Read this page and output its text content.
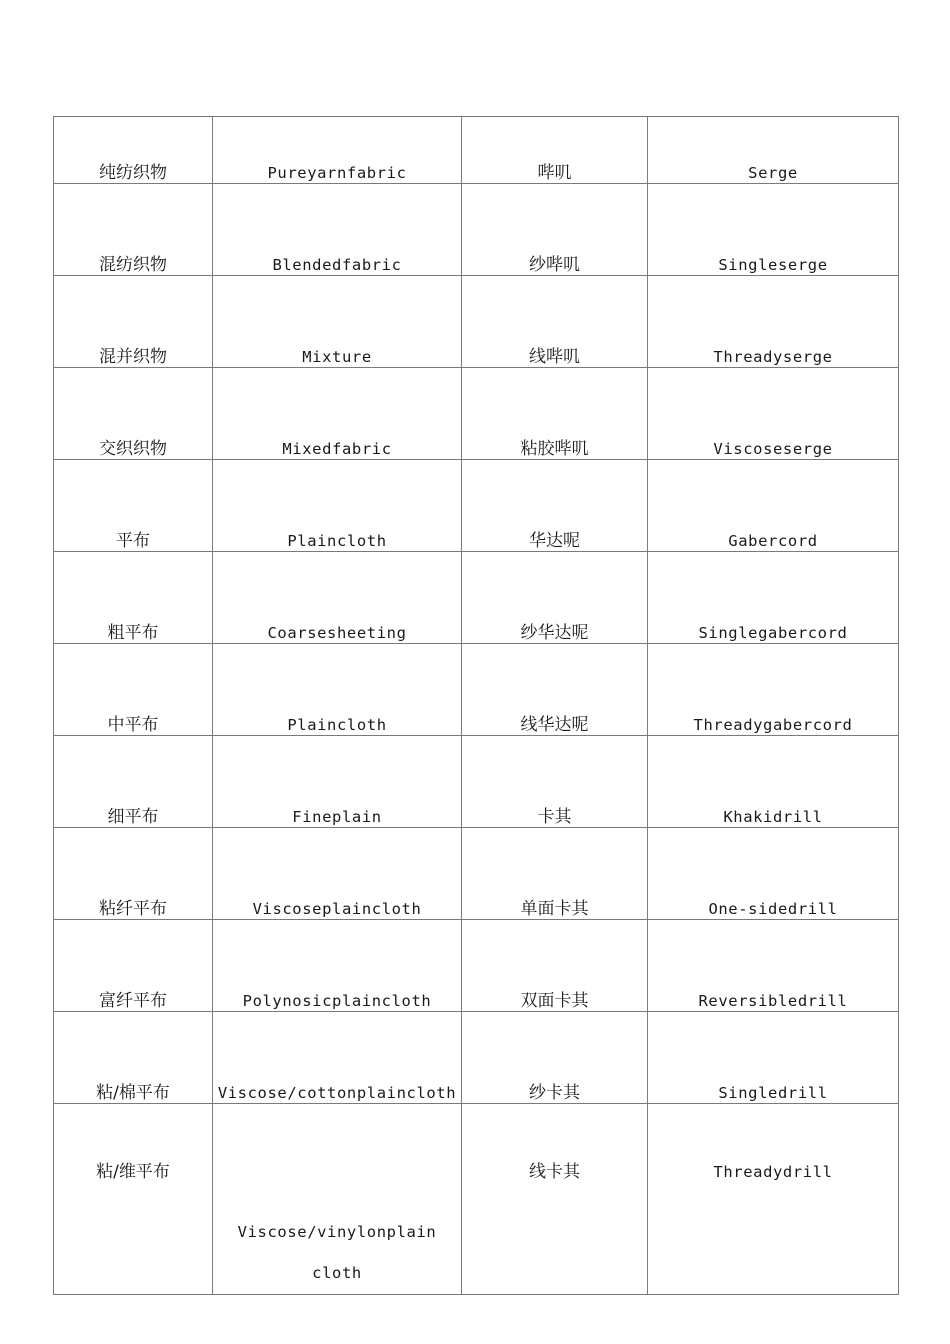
纯纺织物	Pureyarnfabric	哔叽	Serge
混纺织物	Blendedfabric	纱哔叽	Singleserge
混并织物	Mixture	线哔叽	Threadyserge
交织织物	Mixedfabric	粘胶哔叽	Viscoseserge
平布	Plaincloth	华达呢	Gabercord
粗平布	Coarsesheeting	纱华达呢	Singlegabercord
中平布	Plaincloth	线华达呢	Threadygabercord
细平布	Fineplain	卡其	Khakidrill
粘纤平布	Viscoseplaincloth	单面卡其	One-sidedrill
富纤平布	Polynosicplaincloth	双面卡其	Reversibledrill
粘/棉平布	Viscose/cottonplaincloth	纱卡其	Singledrill
粘/维平布	Viscose/vinylonplain cloth	线卡其	Threadydrill
